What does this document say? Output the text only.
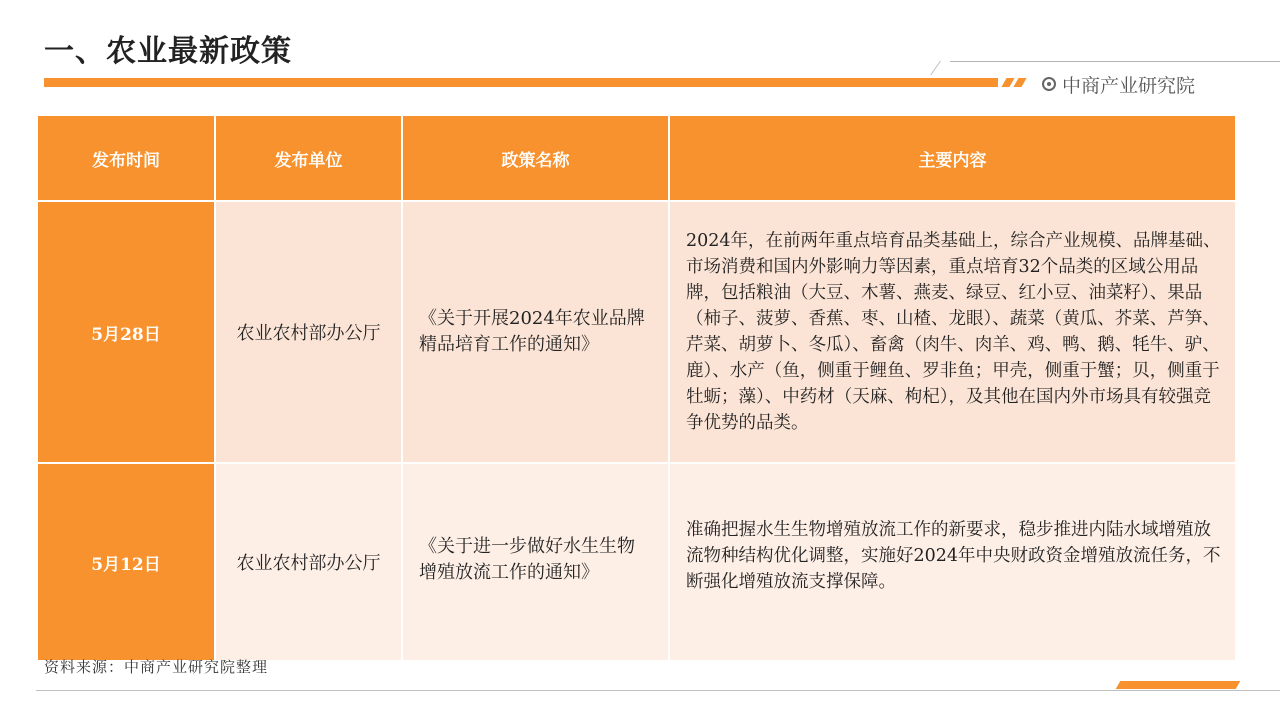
一、农业最新政策
中商产业研究院
发布时间	发布单位	政策名称	主要内容
5月28日	农业农村部办公厅	《关于开展2024年农业品牌精品培育工作的通知》	2024年，在前两年重点培育品类基础上，综合产业规模、品牌基础、市场消费和国内外影响力等因素，重点培育32个品类的区域公用品牌，包括粮油（大豆、木薯、燕麦、绿豆、红小豆、油菜籽）、果品（柿子、菠萝、香蕉、枣、山楂、龙眼）、蔬菜（黄瓜、芥菜、芦笋、芹菜、胡萝卜、冬瓜）、畜禽（肉牛、肉羊、鸡、鸭、鹅、牦牛、驴、鹿）、水产（鱼，侧重于鲤鱼、罗非鱼；甲壳，侧重于蟹；贝，侧重于牡蛎；藻）、中药材（天麻、枸杞），及其他在国内外市场具有较强竞争优势的品类。
5月12日	农业农村部办公厅	《关于进一步做好水生生物增殖放流工作的通知》	准确把握水生生物增殖放流工作的新要求，稳步推进内陆水域增殖放流物种结构优化调整，实施好2024年中央财政资金增殖放流任务，不断强化增殖放流支撑保障。
资料来源：中商产业研究院整理
